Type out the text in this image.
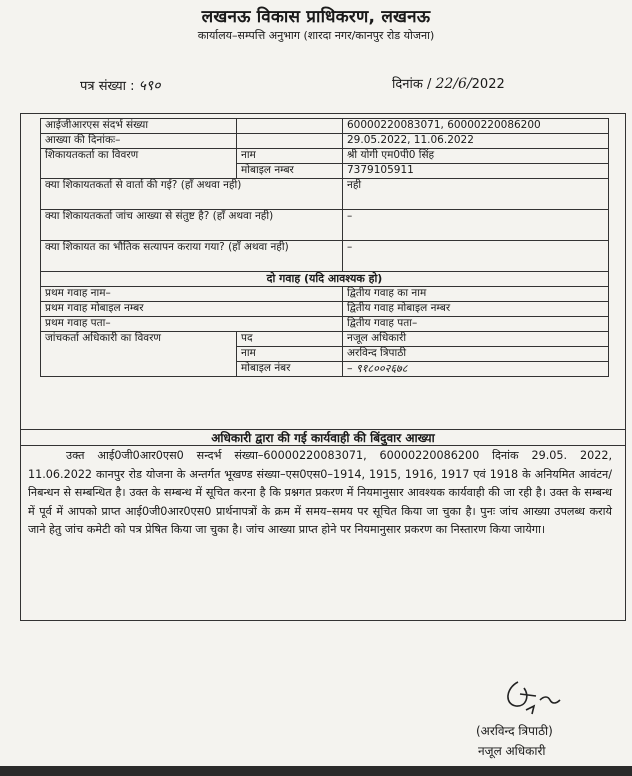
लखनऊ विकास प्राधिकरण, लखनऊ
कार्यालय–सम्पत्ति अनुभाग (शारदा नगर/कानपुर रोड योजना)
पत्र संख्या : ५९०	दिनांक / 22/6/2022
आईजीआरएस संदर्भ संख्या		60000220083071, 60000220086200
आख्या की दिनांकः–		29.05.2022, 11.06.2022
शिकायतकर्ता का विवरण	नाम	श्री योगी एम0पी0 सिंह
	मोबाइल नम्बर	7379105911
क्या शिकायतकर्ता से वार्ता की गई? (हाँ अथवा नही)		नही
क्या शिकायतकर्ता जांच आख्या से संतुष्ट है? (हाँ अथवा नही)		–
क्या शिकायत का भौतिक सत्यापन कराया गया? (हाँ अथवा नही)		–
दो गवाह (यदि आवश्यक हो)		
प्रथम गवाह नाम–		द्वितीय गवाह का नाम
प्रथम गवाह मोबाइल नम्बर		द्वितीय गवाह मोबाइल नम्बर
प्रथम गवाह पता–		द्वितीय गवाह पता–
जांचकर्ता अधिकारी का विवरण	पद	नजूल अधिकारी
	नाम	अरविन्द त्रिपाठी
	मोबाइल नंबर	– ९१८००२६७८
अधिकारी द्वारा की गई कार्यवाही की बिंदुवार आख्या
उक्त आई0जी0आर0एस0 सन्दर्भ संख्या–60000220083071, 60000220086200 दिनांक 29.05. 2022, 11.06.2022 कानपुर रोड योजना के अन्तर्गत भूखण्ड संख्या–एस0एस0–1914, 1915, 1916, 1917 एवं 1918 के अनियमित आवंटन/निबन्धन से सम्बन्धित है। उक्त के सम्बन्ध में सूचित करना है कि प्रश्नगत प्रकरण में नियमानुसार आवश्यक कार्यवाही की जा रही है। उक्त के सम्बन्ध में पूर्व में आपको प्राप्त आई0जी0आर0एस0 प्रार्थनापत्रों के क्रम में समय–समय पर सूचित किया जा चुका है। पुनः जांच आख्या उपलब्ध कराये जाने हेतु जांच कमेटी को पत्र प्रेषित किया जा चुका है। जांच आख्या प्राप्त होने पर नियमानुसार प्रकरण का निस्तारण किया जायेगा।
(अरविन्द त्रिपाठी)
नजूल अधिकारी
